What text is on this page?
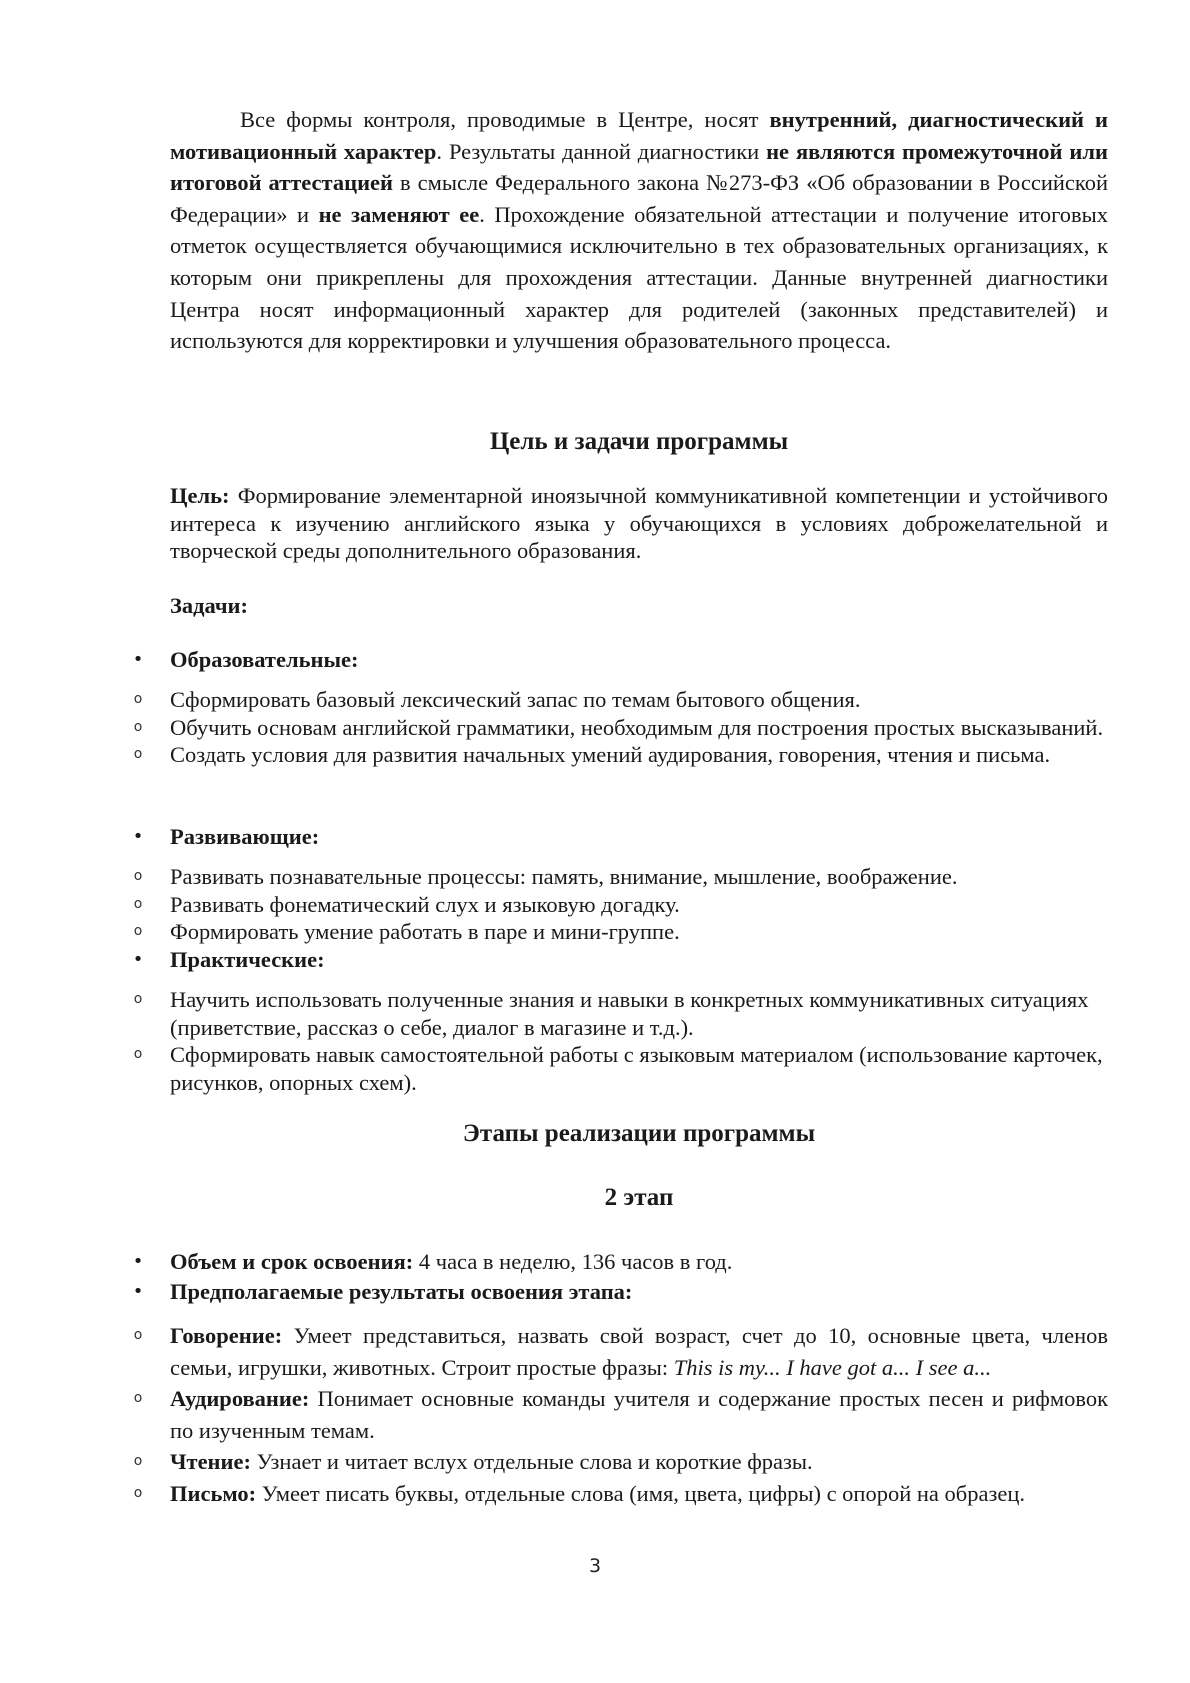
Все формы контроля, проводимые в Центре, носят внутренний, диагностический и мотивационный характер. Результаты данной диагностики не являются промежуточной или итоговой аттестацией в смысле Федерального закона №273-ФЗ «Об образовании в Российской Федерации» и не заменяют ее. Прохождение обязательной аттестации и получение итоговых отметок осуществляется обучающимися исключительно в тех образовательных организациях, к которым они прикреплены для прохождения аттестации. Данные внутренней диагностики Центра носят информационный характер для родителей (законных представителей) и используются для корректировки и улучшения образовательного процесса.

Цель и задачи программы

Цель: Формирование элементарной иноязычной коммуникативной компетенции и устойчивого интереса к изучению английского языка у обучающихся в условиях доброжелательной и творческой среды дополнительного образования.

Задачи:

• Образовательные:
o Сформировать базовый лексический запас по темам бытового общения.
o Обучить основам английской грамматики, необходимым для построения простых высказываний.
o Создать условия для развития начальных умений аудирования, говорения, чтения и письма.
• Развивающие:
o Развивать познавательные процессы: память, внимание, мышление, воображение.
o Развивать фонематический слух и языковую догадку.
o Формировать умение работать в паре и мини-группе.
• Практические:
o Научить использовать полученные знания и навыки в конкретных коммуникативных ситуациях (приветствие, рассказ о себе, диалог в магазине и т.д.).
o Сформировать навык самостоятельной работы с языковым материалом (использование карточек, рисунков, опорных схем).
Этапы реализации программы
2 этап
• Объем и срок освоения: 4 часа в неделю, 136 часов в год.
• Предполагаемые результаты освоения этапа:
o Говорение: Умеет представиться, назвать свой возраст, счет до 10, основные цвета, членов семьи, игрушки, животных. Строит простые фразы: This is my... I have got a... I see a...
o Аудирование: Понимает основные команды учителя и содержание простых песен и рифмовок по изученным темам.
o Чтение: Узнает и читает вслух отдельные слова и короткие фразы.
o Письмо: Умеет писать буквы, отдельные слова (имя, цвета, цифры) с опорой на образец.
3
